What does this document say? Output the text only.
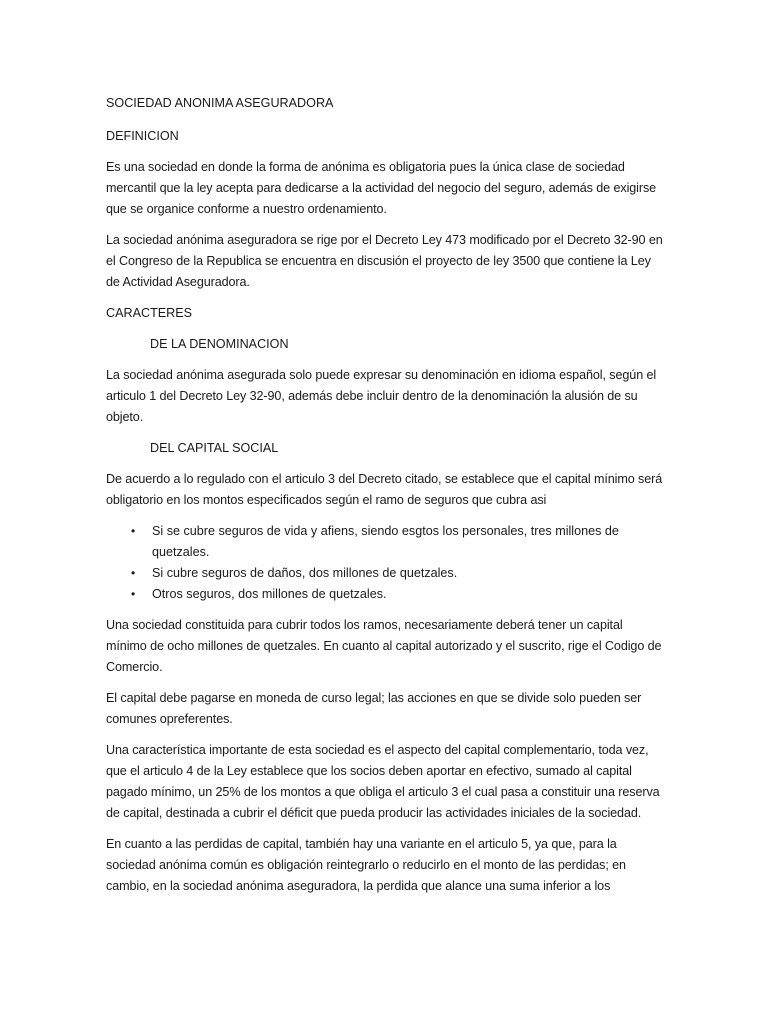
SOCIEDAD ANONIMA ASEGURADORA

DEFINICION

Es una sociedad en donde la forma de anónima es obligatoria pues la única clase de sociedad mercantil que la ley acepta para dedicarse a la actividad del negocio del seguro, además de exigirse que se organice conforme a nuestro ordenamiento.

La sociedad anónima aseguradora se rige por el Decreto Ley 473 modificado por el Decreto 32-90 en el Congreso de la Republica se encuentra en discusión el proyecto de ley 3500 que contiene la Ley de Actividad Aseguradora.

CARACTERES

DE LA DENOMINACION

La sociedad anónima asegurada solo puede expresar su denominación en idioma español, según el articulo 1 del Decreto Ley 32-90, además debe incluir dentro de la denominación la alusión de su objeto.

DEL CAPITAL SOCIAL

De acuerdo a lo regulado con el articulo 3 del Decreto citado, se establece que el capital mínimo será obligatorio en los montos especificados según el ramo de seguros que cubra asi

• Si se cubre seguros de vida y afiens, siendo esgtos los personales, tres millones de quetzales.
• Si cubre seguros de daños, dos millones de quetzales.
• Otros seguros, dos millones de quetzales.

Una sociedad constituida para cubrir todos los ramos, necesariamente deberá tener un capital mínimo de ocho millones de quetzales. En cuanto al capital autorizado y el suscrito, rige el Codigo de Comercio.

El capital debe pagarse en moneda de curso legal; las acciones en que se divide solo pueden ser comunes opreferentes.

Una característica importante de esta sociedad es el aspecto del capital complementario, toda vez, que el articulo 4 de la Ley establece que los socios deben aportar en efectivo, sumado al capital pagado mínimo, un 25% de los montos a que obliga el articulo 3 el cual pasa a constituir una reserva de capital, destinada a cubrir el déficit que pueda producir las actividades iniciales de la sociedad.

En cuanto a las perdidas de capital, también hay una variante en el articulo 5, ya que, para la sociedad anónima común es obligación reintegrarlo o reducirlo en el monto de las perdidas; en cambio, en la sociedad anónima aseguradora, la perdida que alance una suma inferior a los
